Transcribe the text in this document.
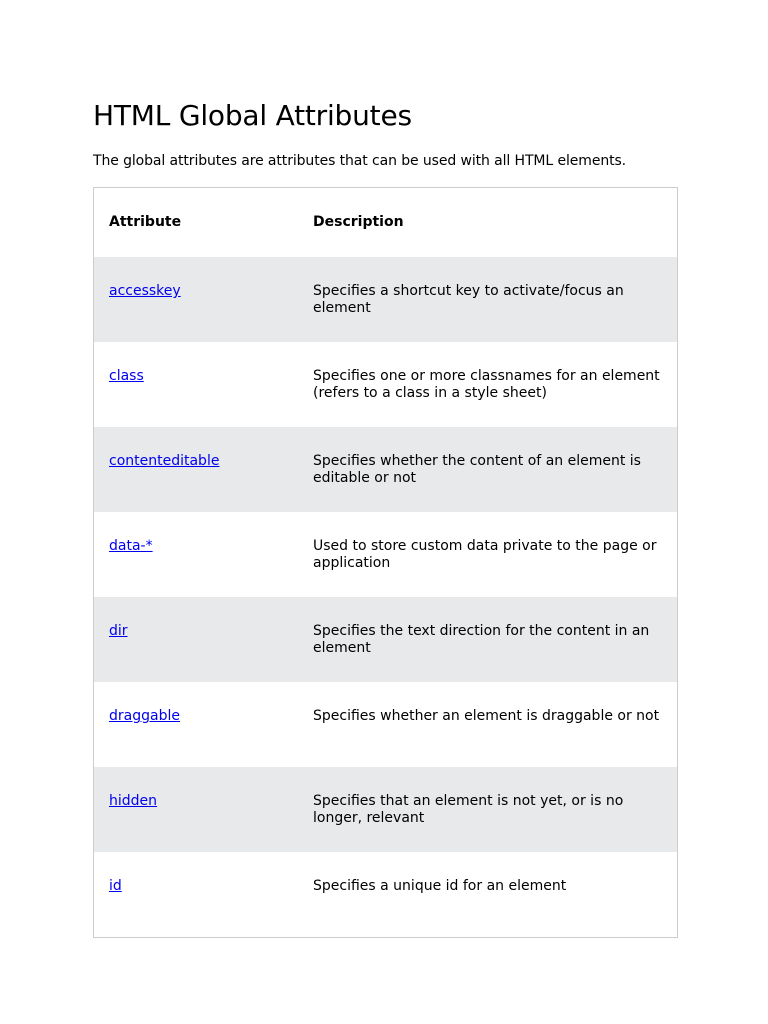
HTML Global Attributes

The global attributes are attributes that can be used with all HTML elements.

Attribute	Description
accesskey	Specifies a shortcut key to activate/focus an element
class	Specifies one or more classnames for an element (refers to a class in a style sheet)
contenteditable	Specifies whether the content of an element is editable or not
data-*	Used to store custom data private to the page or application
dir	Specifies the text direction for the content in an element
draggable	Specifies whether an element is draggable or not
hidden	Specifies that an element is not yet, or is no longer, relevant
id	Specifies a unique id for an element
